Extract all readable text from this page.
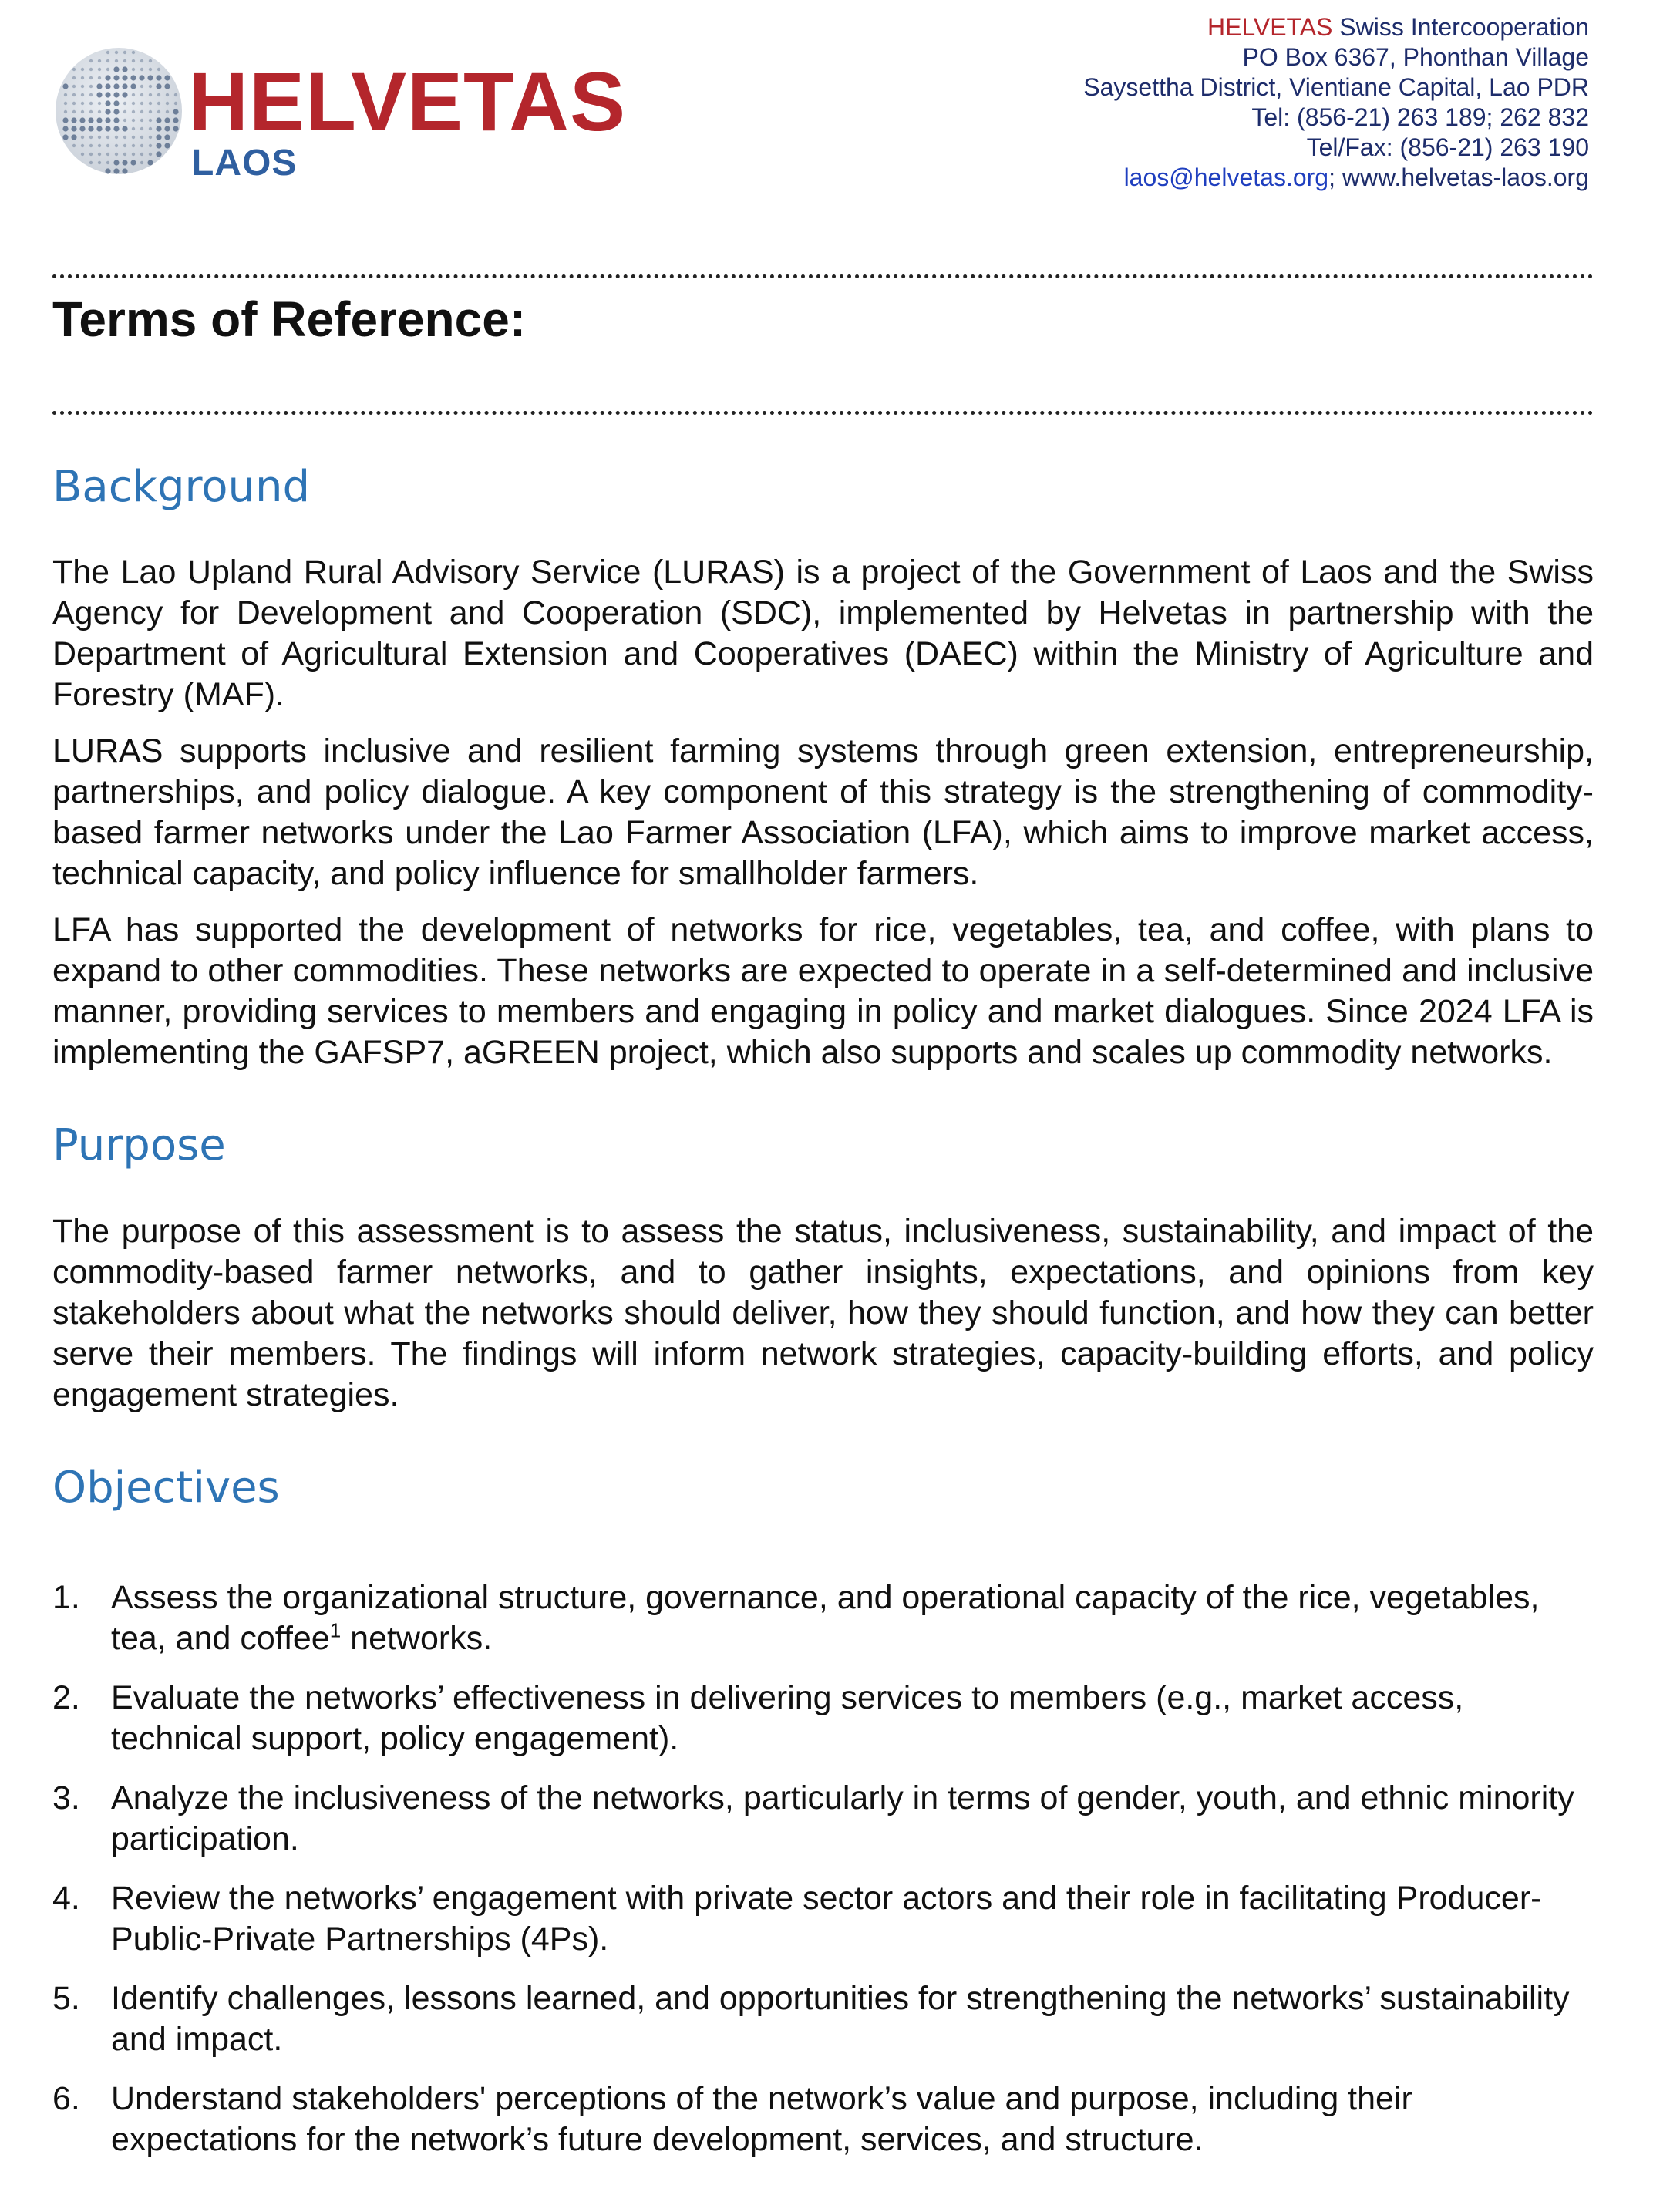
HELVETAS
LAOS
HELVETAS Swiss Intercooperation
PO Box 6367, Phonthan Village
Saysettha District, Vientiane Capital, Lao PDR
Tel: (856-21) 263 189; 262 832
Tel/Fax: (856-21) 263 190
laos@helvetas.org; www.helvetas-laos.org
Terms of Reference:
Background

The Lao Upland Rural Advisory Service (LURAS) is a project of the Government of Laos and the Swiss Agency for Development and Cooperation (SDC), implemented by Helvetas in partnership with the Department of Agricultural Extension and Cooperatives (DAEC) within the Ministry of Agriculture and Forestry (MAF).

LURAS supports inclusive and resilient farming systems through green extension, entrepreneurship, partnerships, and policy dialogue. A key component of this strategy is the strengthening of commodity-based farmer networks under the Lao Farmer Association (LFA), which aims to improve market access, technical capacity, and policy influence for smallholder farmers.

LFA has supported the development of networks for rice, vegetables, tea, and coffee, with plans to expand to other commodities. These networks are expected to operate in a self-determined and inclusive manner, providing services to members and engaging in policy and market dialogues. Since 2024 LFA is implementing the GAFSP7, aGREEN project, which also supports and scales up commodity networks.

Purpose

The purpose of this assessment is to assess the status, inclusiveness, sustainability, and impact of the commodity-based farmer networks, and to gather insights, expectations, and opinions from key stakeholders about what the networks should deliver, how they should function, and how they can better serve their members. The findings will inform network strategies, capacity-building efforts, and policy engagement strategies.

Objectives
1. Assess the organizational structure, governance, and operational capacity of the rice, vegetables, tea, and coffee$^1$ networks.
2. Evaluate the networks’ effectiveness in delivering services to members (e.g., market access, technical support, policy engagement).
3. Analyze the inclusiveness of the networks, particularly in terms of gender, youth, and ethnic minority participation.
4. Review the networks’ engagement with private sector actors and their role in facilitating Producer-Public-Private Partnerships (4Ps).
5. Identify challenges, lessons learned, and opportunities for strengthening the networks’ sustainability and impact.
6. Understand stakeholders' perceptions of the network’s value and purpose, including their expectations for the network’s future development, services, and structure.
